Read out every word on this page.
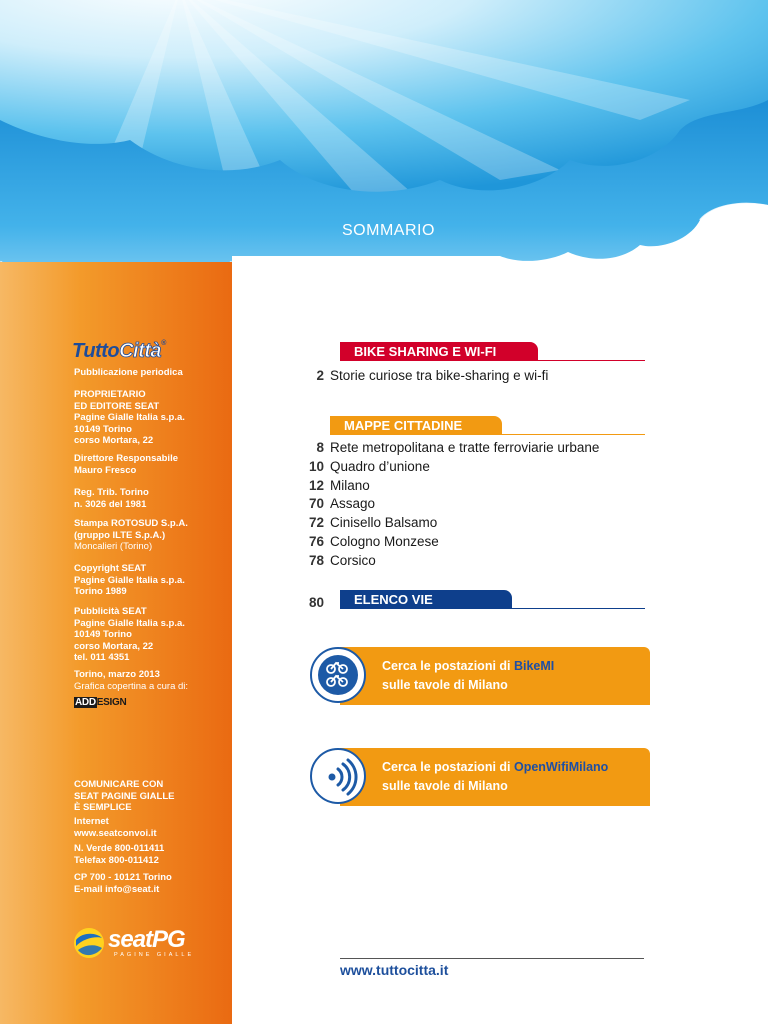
SOMMARIO
TuttoCittà®
Pubblicazione periodica
PROPRIETARIO
ED EDITORE SEAT
Pagine Gialle Italia s.p.a.
10149 Torino
corso Mortara, 22
Direttore Responsabile
Mauro Fresco
Reg. Trib. Torino
n. 3026 del 1981
Stampa ROTOSUD S.p.A.
(gruppo ILTE S.p.A.)
Moncalieri (Torino)
Copyright SEAT
Pagine Gialle Italia s.p.a.
Torino 1989
Pubblicità SEAT
Pagine Gialle Italia s.p.a.
10149 Torino
corso Mortara, 22
tel. 011 4351
Torino, marzo 2013
Grafica copertina a cura di:
COMUNICARE CON
SEAT PAGINE GIALLE
È SEMPLICE
Internet
www.seatconvoi.it
N. Verde 800-011411
Telefax 800-011412
CP 700 - 10121 Torino
E-mail info@seat.it
ADDESIGN
seatPG
PAGINE GIALLE
BIKE SHARING E WI-FI
2 Storie curiose tra bike-sharing e wi-fi
MAPPE CITTADINE
8 Rete metropolitana e tratte ferroviarie urbane
10 Quadro d’unione
12 Milano
70 Assago
72 Cinisello Balsamo
76 Cologno Monzese
78 Corsico
80	ELENCO VIE
Cerca le postazioni di BikeMI
sulle tavole di Milano
Cerca le postazioni di OpenWifiMilano
sulle tavole di Milano
www.tuttocitta.it
